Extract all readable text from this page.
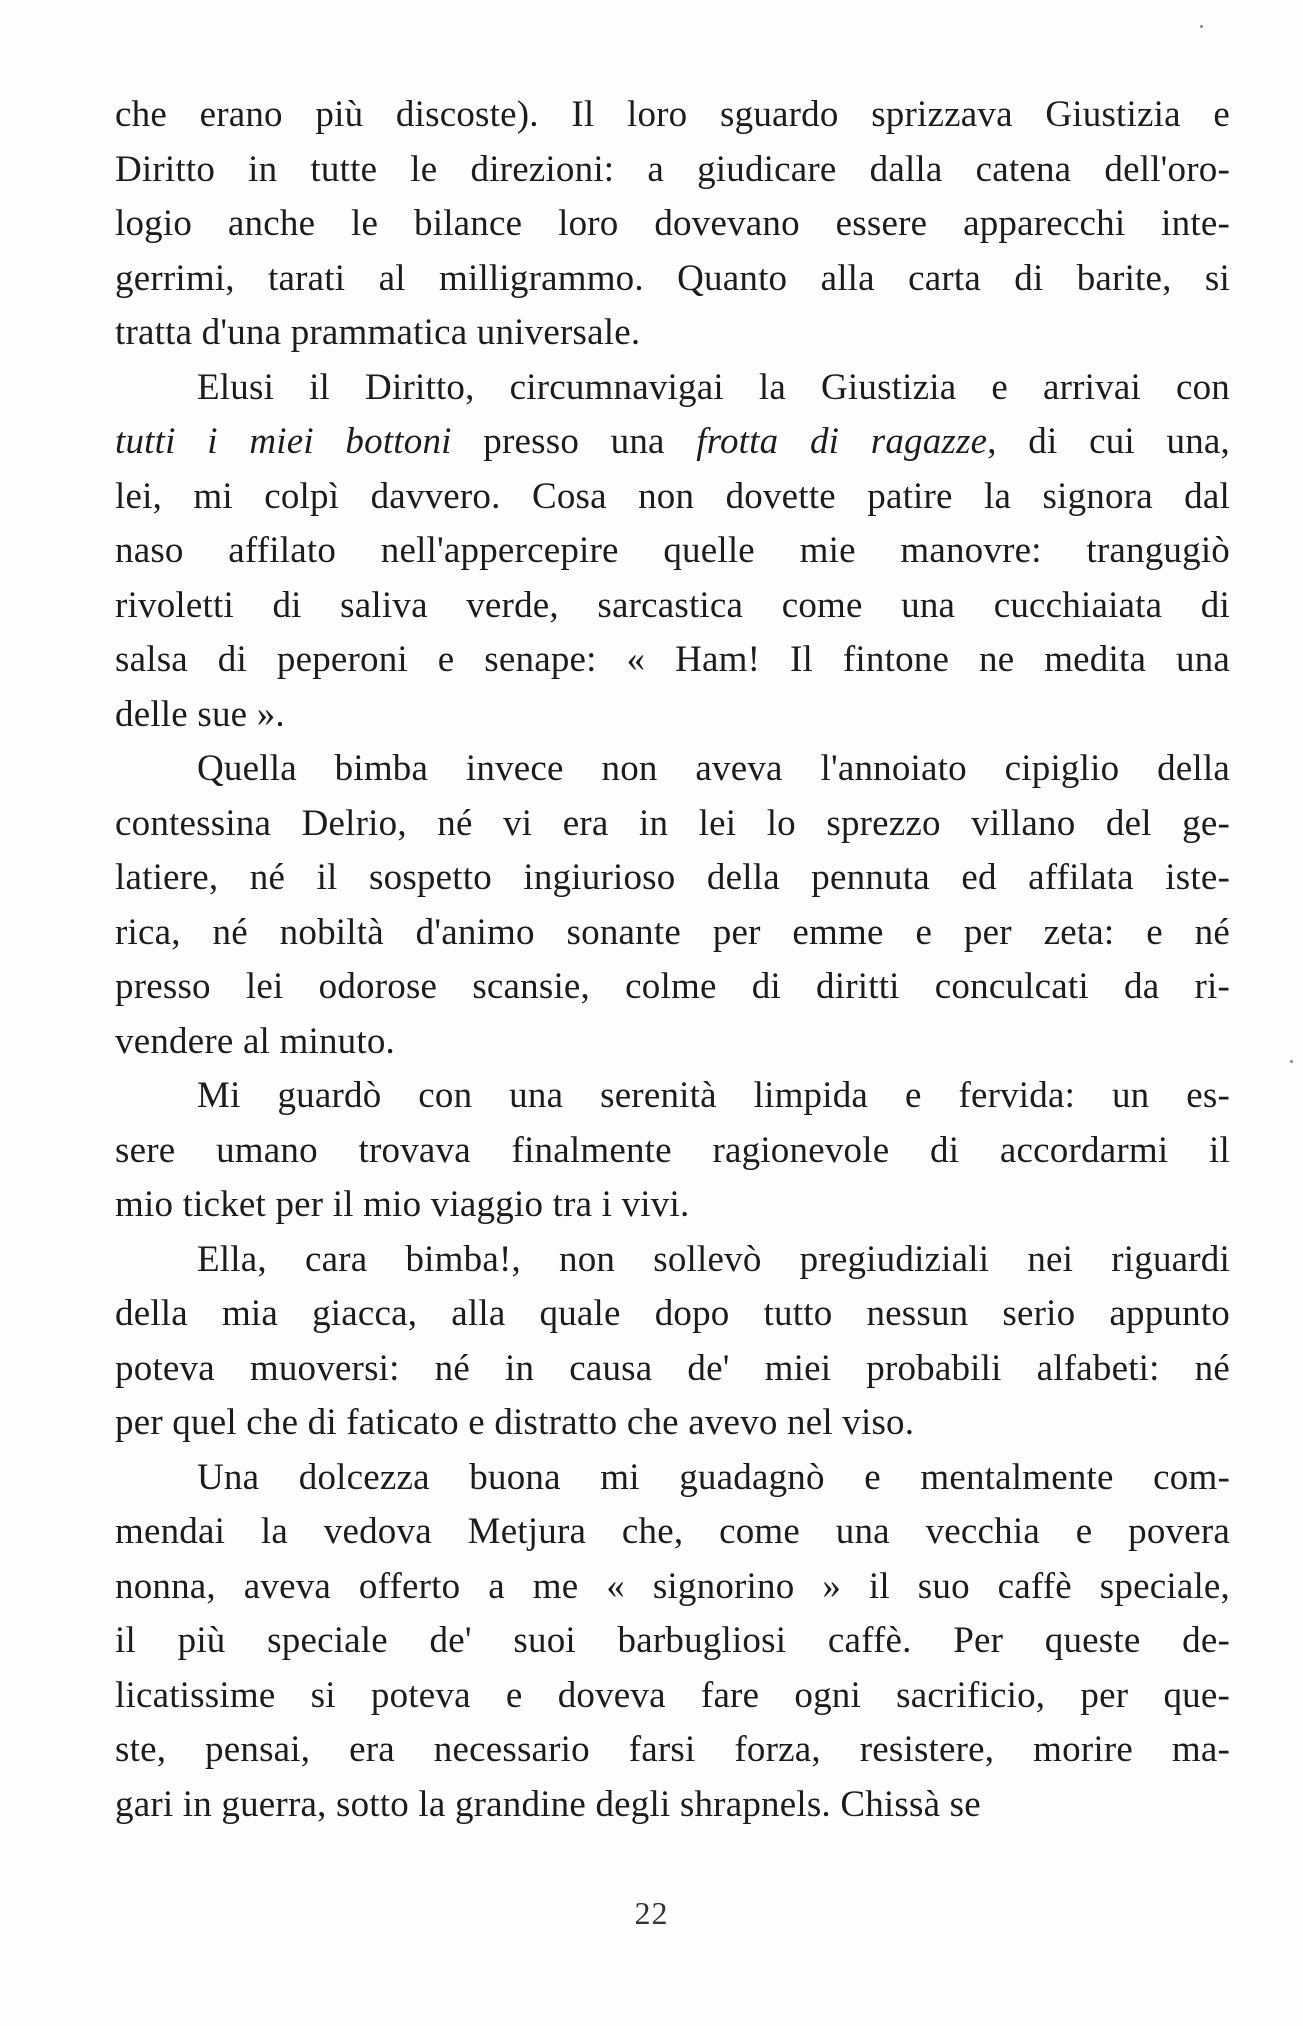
che erano più discoste). Il loro sguardo sprizzava Giustizia e
Diritto in tutte le direzioni: a giudicare dalla catena dell'oro-
logio anche le bilance loro dovevano essere apparecchi inte-
gerrimi, tarati al milligrammo. Quanto alla carta di barite, si
tratta d'una prammatica universale.
Elusi il Diritto, circumnavigai la Giustizia e arrivai con
tutti i miei bottoni presso una frotta di ragazze, di cui una,
lei, mi colpì davvero. Cosa non dovette patire la signora dal
naso affilato nell'appercepire quelle mie manovre: trangugiò
rivoletti di saliva verde, sarcastica come una cucchiaiata di
salsa di peperoni e senape: « Ham! Il fintone ne medita una
delle sue ».
Quella bimba invece non aveva l'annoiato cipiglio della
contessina Delrio, né vi era in lei lo sprezzo villano del ge-
latiere, né il sospetto ingiurioso della pennuta ed affilata iste-
rica, né nobiltà d'animo sonante per emme e per zeta: e né
presso lei odorose scansie, colme di diritti conculcati da ri-
vendere al minuto.
Mi guardò con una serenità limpida e fervida: un es-
sere umano trovava finalmente ragionevole di accordarmi il
mio ticket per il mio viaggio tra i vivi.
Ella, cara bimba!, non sollevò pregiudiziali nei riguardi
della mia giacca, alla quale dopo tutto nessun serio appunto
poteva muoversi: né in causa de' miei probabili alfabeti: né
per quel che di faticato e distratto che avevo nel viso.
Una dolcezza buona mi guadagnò e mentalmente com-
mendai la vedova Metjura che, come una vecchia e povera
nonna, aveva offerto a me « signorino » il suo caffè speciale,
il più speciale de' suoi barbugliosi caffè. Per queste de-
licatissime si poteva e doveva fare ogni sacrificio, per que-
ste, pensai, era necessario farsi forza, resistere, morire ma-
gari in guerra, sotto la grandine degli shrapnels. Chissà se
22
